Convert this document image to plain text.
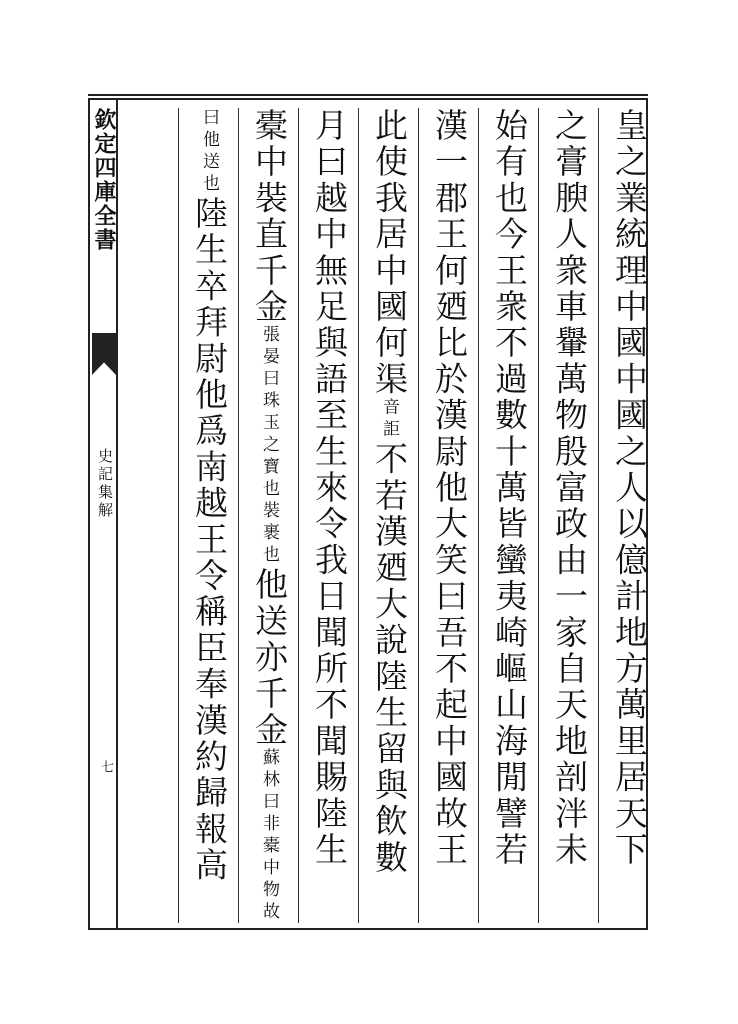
欽定四庫全書
史記集解
七	皇之業統理中國中國之人以億計地方萬里居天下
之膏腴人衆車轝萬物殷富政由一家自天地剖泮未
始有也今王衆不過數十萬皆蠻夷崎嶇山海閒譬若
漢一郡王何廼比於漢尉他大笑曰吾不起中國故王
此使我居中國何渠音詎不若漢廼大說陸生留與飲數
月曰越中無足與語至生來令我日聞所不聞賜陸生
橐中裝直千金張晏曰珠玉之寶也裝裹也他送亦千金蘇林曰非橐中物故
曰他送也陸生卒拜尉他爲南越王令稱臣奉漢約歸報高
